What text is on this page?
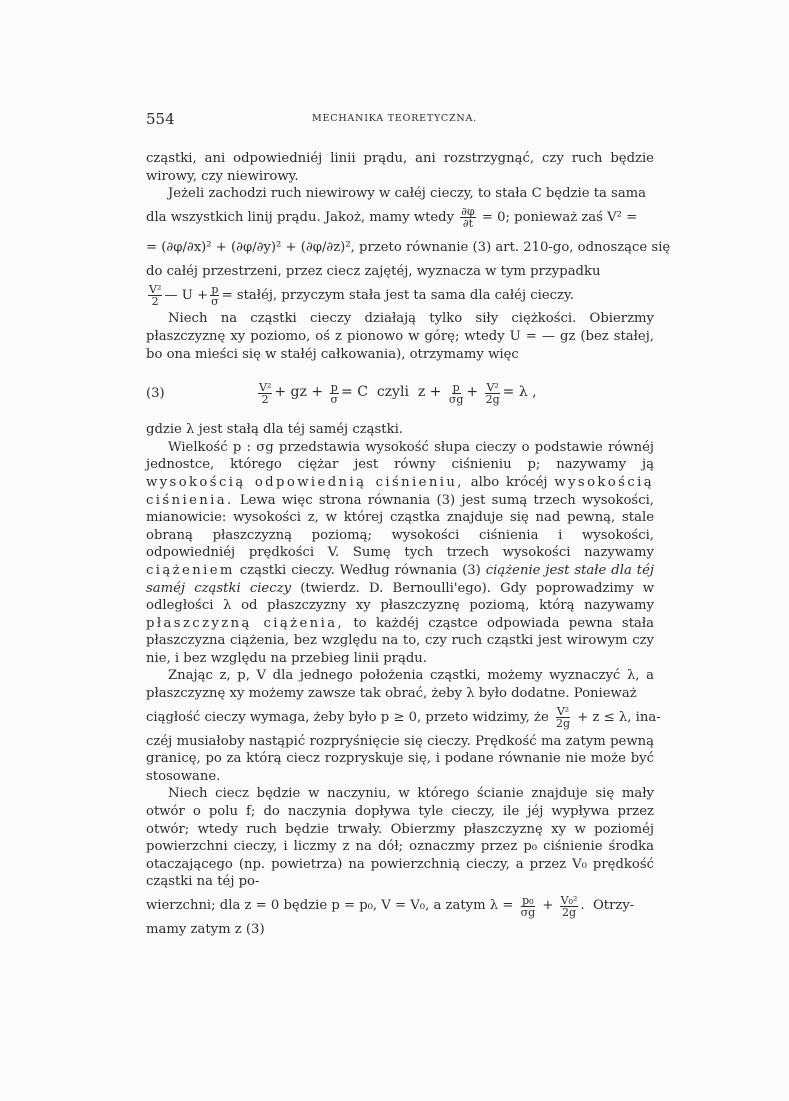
554	MECHANIKA TEORETYCZNA.

cząstki, ani odpowiedniéj linii prądu, ani rozstrzygnąć, czy ruch będzie wirowy, czy niewirowy.

Jeżeli zachodzi ruch niewirowy w całéj cieczy, to stała C będzie ta sama

dla wszystkich linij prądu. Jakoż, mamy wtedy
$\frac{\partial\varphi}{\partial t}$
= 0; ponieważ zaś V² =
= (∂φ/∂x)² + (∂φ/∂y)² + (∂φ/∂z)²,
przeto równanie (3) art. 210-go, odnoszące się

do całéj przestrzeni, przez ciecz zajętéj, wyznacza w tym przypadku

$\frac{\text{V²}}{2}$ — $U + \frac{p}{\sigma}$ = stałéj, przyczym stała jest ta sama dla całéj cieczy.

Niech na cząstki cieczy działają tylko siły ciężkości. Obierzmy płaszczyznę xy poziomo, oś z pionowo w górę; wtedy U = — gz (bez stałej, bo ona mieści się w stałéj całkowania), otrzymamy więc

(3)	$\frac{\text{V²}}{2}$ + gz +
$\frac{p}{\sigma} = C$
czyli
z +
$\frac{p}{\sigma g}$ +
$\frac{\text{V²}}{2g} = \lambda$ ,

gdzie λ jest stałą dla téj saméj cząstki.

Wielkość p : σg przedstawia wysokość słupa cieczy o podstawie równéj jednostce, którego ciężar jest równy ciśnieniu p; nazywamy ją wysokością odpowiednią ciśnieniu, albo krócéj wysokością ciśnienia. Lewa więc strona równania (3) jest sumą trzech wysokości, mianowicie: wysokości z, w której cząstka znajduje się nad pewną, stale obraną płaszczyzną poziomą; wysokości ciśnienia i wysokości, odpowiedniéj prędkości V. Sumę tych trzech wysokości nazywamy ciążeniem cząstki cieczy. Według równania (3) ciążenie jest stałe dla téj saméj cząstki cieczy (twierdz. D. Bernoulli'ego). Gdy poprowadzimy w odległości λ od płaszczyzny xy płaszczyznę poziomą, którą nazywamy płaszczyzną ciążenia, to każdéj cząstce odpowiada pewna stała płaszczyzna ciążenia, bez względu na to, czy ruch cząstki jest wirowym czy nie, i bez względu na przebieg linii prądu.

Znając z, p, V dla jednego położenia cząstki, możemy wyznaczyć λ, a płaszczyznę xy możemy zawsze tak obrać, żeby λ było dodatne. Ponieważ

ciągłość cieczy wymaga, żeby było p ≥ 0, przeto widzimy, że
$\frac{\text{V²}}{2g}$
+ z ≤ λ, ina-

czéj musiałoby nastąpić rozpryśnięcie się cieczy. Prędkość ma zatym pewną granicę, po za którą ciecz rozpryskuje się, i podane równanie nie może być stosowane.

Niech ciecz będzie w naczyniu, w którego ścianie znajduje się mały otwór o polu f; do naczynia dopływa tyle cieczy, ile jéj wypływa przez otwór; wtedy ruch będzie trwały. Obierzmy płaszczyznę xy w pozioméj powierzchni cieczy, i liczmy z na dół; oznaczmy przez p₀ ciśnienie środka otaczającego (np. powietrza) na powierzchnią cieczy, a przez V₀ prędkość cząstki na téj po-

wierzchni; dla z = 0 będzie p = p₀, V = V₀, a zatym λ =
$\frac{\text{p₀}}{\sigma g}$
+
$\frac{\text{V₀²}}{2g}$ .
Otrzy-

mamy zatym z (3)
